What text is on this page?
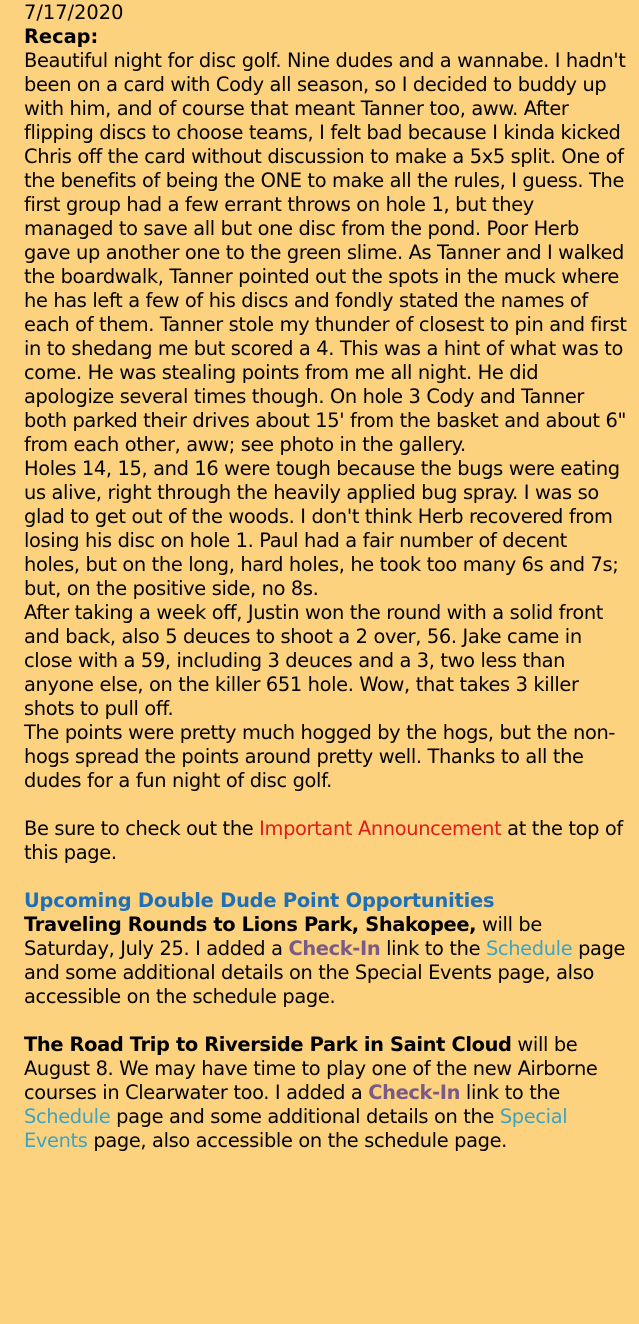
7/17/2020
Recap:

Beautiful night for disc golf. Nine dudes and a wannabe. I hadn't been on a card with Cody all season, so I decided to buddy up with him, and of course that meant Tanner too, aww. After flipping discs to choose teams, I felt bad because I kinda kicked Chris off the card without discussion to make a 5x5 split. One of the benefits of being the ONE to make all the rules, I guess. The first group had a few errant throws on hole 1, but they managed to save all but one disc from the pond. Poor Herb gave up another one to the green slime. As Tanner and I walked the boardwalk, Tanner pointed out the spots in the muck where he has left a few of his discs and fondly stated the names of each of them. Tanner stole my thunder of closest to pin and first in to shedang me but scored a 4. This was a hint of what was to come. He was stealing points from me all night. He did apologize several times though. On hole 3 Cody and Tanner both parked their drives about 15' from the basket and about 6" from each other, aww; see photo in the gallery.

Holes 14, 15, and 16 were tough because the bugs were eating us alive, right through the heavily applied bug spray. I was so glad to get out of the woods. I don't think Herb recovered from losing his disc on hole 1. Paul had a fair number of decent holes, but on the long, hard holes, he took too many 6s and 7s; but, on the positive side, no 8s.

After taking a week off, Justin won the round with a solid front and back, also 5 deuces to shoot a 2 over, 56. Jake came in close with a 59, including 3 deuces and a 3, two less than anyone else, on the killer 651 hole. Wow, that takes 3 killer shots to pull off.

The points were pretty much hogged by the hogs, but the non-hogs spread the points around pretty well. Thanks to all the dudes for a fun night of disc golf.

Be sure to check out the Important Announcement at the top of this page.

Upcoming Double Dude Point Opportunities

Traveling Rounds to Lions Park, Shakopee, will be Saturday, July 25. I added a Check-In link to the Schedule page and some additional details on the Special Events page, also accessible on the schedule page.

The Road Trip to Riverside Park in Saint Cloud will be August 8. We may have time to play one of the new Airborne courses in Clearwater too. I added a Check-In link to the Schedule page and some additional details on the Special Events page, also accessible on the schedule page.
